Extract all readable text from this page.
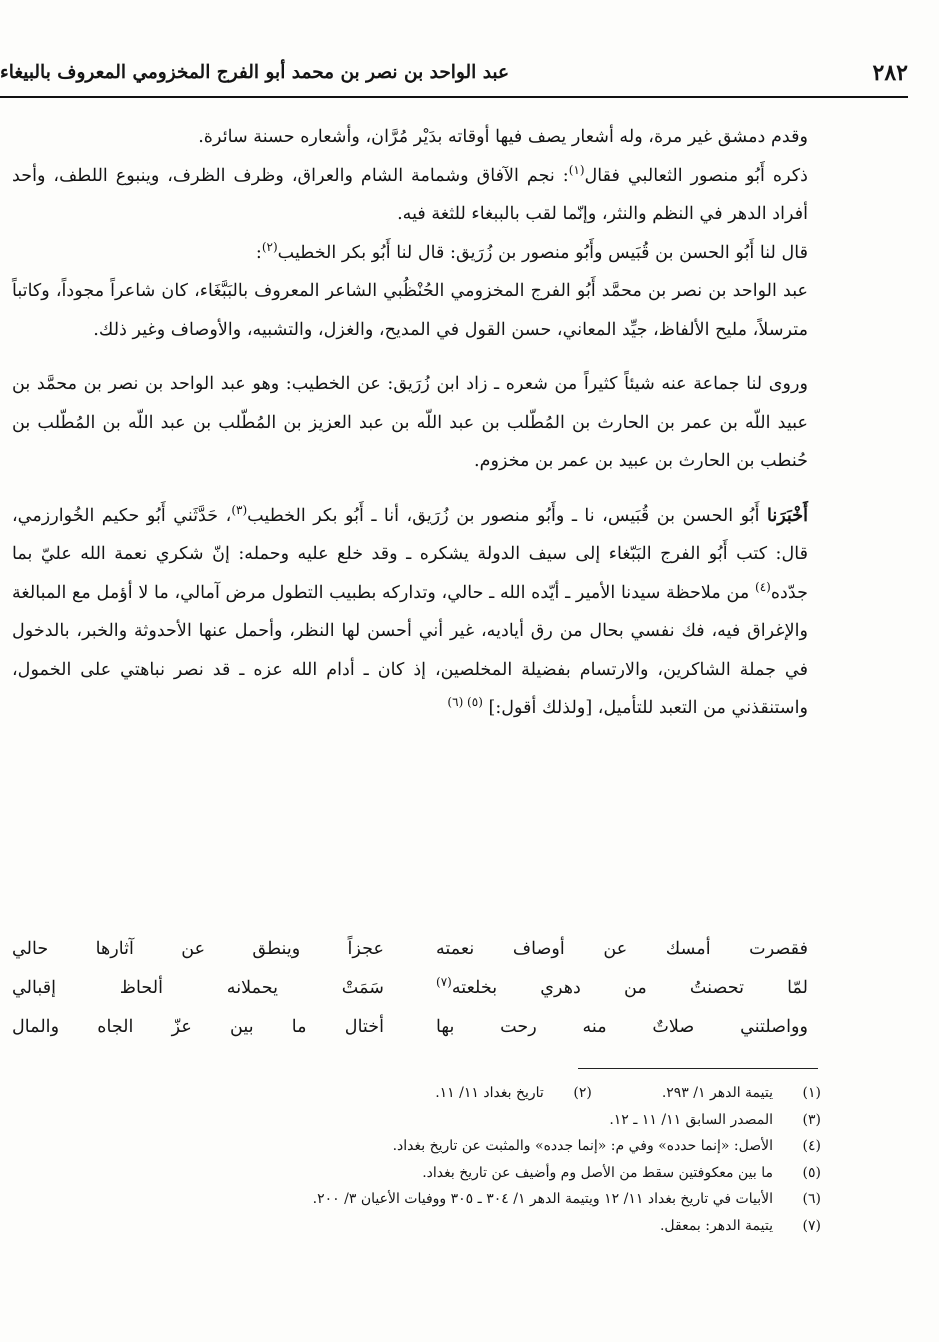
٢٨٢
عبد الواحد بن نصر بن محمد أبو الفرج المخزومي المعروف بالبيغاء

وقدم دمشق غير مرة، وله أشعار يصف فيها أوقاته بدَيْر مُرَّان، وأشعاره حسنة سائرة.

ذكره أَبُو منصور الثعالبي فقال$^{(١)}$: نجم الآفاق وشمامة الشام والعراق، وظرف الظرف، وينبوع اللطف، وأحد أفراد الدهر في النظم والنثر، وإنّما لقب بالببغاء للثغة فيه.

قال لنا أَبُو الحسن بن قُبَيس وأَبُو منصور بن زُرَيق: قال لنا أَبُو بكر الخطيب$^{(٢)}$:

عبد الواحد بن نصر بن محمَّد أَبُو الفرج المخزومي الحُنْظُبي الشاعر المعروف بالبَبَّغَاء، كان شاعراً مجوداً، وكاتباً مترسلاً، مليح الألفاظ، جيِّد المعاني، حسن القول في المديح، والغزل، والتشبيه، والأوصاف وغير ذلك.

وروى لنا جماعة عنه شيئاً كثيراً من شعره ـ زاد ابن زُرَيق: عن الخطيب: وهو عبد الواحد بن نصر بن محمَّد بن عبيد اللّه بن عمر بن الحارث بن المُطّلب بن عبد اللّه بن عبد العزيز بن المُطّلب بن عبد اللّه بن المُطّلب بن حُنطب بن الحارث بن عبيد بن عمر بن مخزوم.

أَخْبَرَنا أَبُو الحسن بن قُبَيس، نا ـ وأَبُو منصور بن زُرَيق، أنا ـ أَبُو بكر الخطيب$^{(٣)}$، حَدَّثَني أَبُو حكيم الخُوارزمي، قال: كتب أَبُو الفرج البَبّغاء إلى سيف الدولة يشكره ـ وقد خلع عليه وحمله: إنّ شكري نعمة الله عليّ بما جدّده$^{(٤)}$ من ملاحظة سيدنا الأمير ـ أيّده الله ـ حالي، وتداركه بطبيب التطول مرض آمالي، ما لا أؤمل مع المبالغة والإغراق فيه، فك نفسي بحال من رق أياديه، غير أني أحسن لها النظر، وأحمل عنها الأحدوثة والخبر، بالدخول في جملة الشاكرين، والارتسام بفضيلة المخلصين، إذ كان ـ أدام الله عزه ـ قد نصر نباهتي على الخمول، واستنقذني من التعبد للتأميل، [ولذلك أقول:] $^{(٥) (٦)}$

فقصرت أمسك عن أوصاف نعمته
عجزاً وينطق عن آثارها حالي
لمّا تحصنتُ من دهري بخلعته$^{(٧)}$
سَمَتْ يحملانه ألحاظ إقبالي
وواصلتني صلاتٌ منه رحت بها
أختال ما بين عزّ الجاه والمال
(١)
يتيمة الدهر ١/ ٢٩٣.
(٢)
تاريخ بغداد ١١/ ١١.
(٣)
المصدر السابق ١١/ ١١ ـ ١٢.
(٤)
الأصل: «إنما حدده» وفي م: «إنما جدده» والمثبت عن تاريخ بغداد.
(٥)
ما بين معكوفتين سقط من الأصل وم وأضيف عن تاريخ بغداد.
(٦)
الأبيات في تاريخ بغداد ١١/ ١٢ ويتيمة الدهر ١/ ٣٠٤ ـ ٣٠٥ ووفيات الأعيان ٣/ ٢٠٠.
(٧)
يتيمة الدهر: بمعقل.
